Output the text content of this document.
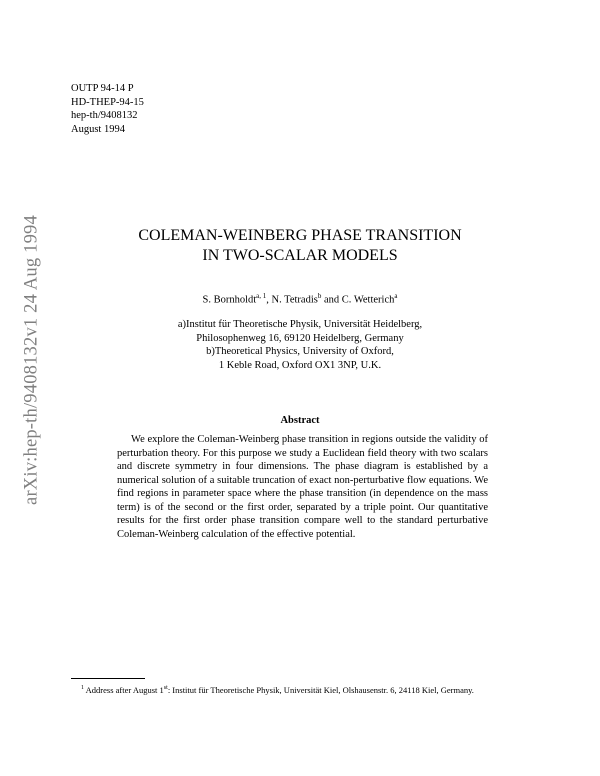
OUTP 94-14 P
HD-THEP-94-15
hep-th/9408132
August 1994
arXiv:hep-th/9408132v1 24 Aug 1994	COLEMAN-WEINBERG PHASE TRANSITION
IN TWO-SCALAR MODELS
S. Bornholdt$^{a, 1}$, N. Tetradis$^b$ and C. Wetterich$^a$
a)Institut für Theoretische Physik, Universität Heidelberg,
Philosophenweg 16, 69120 Heidelberg, Germany
b)Theoretical Physics, University of Oxford,
1 Keble Road, Oxford OX1 3NP, U.K.
Abstract
We explore the Coleman-Weinberg phase transition in regions outside the validity of perturbation theory. For this purpose we study a Euclidean field theory with two scalars and discrete symmetry in four dimensions. The phase diagram is established by a numerical solution of a suitable truncation of exact non-perturbative flow equations. We find regions in parameter space where the phase transition (in dependence on the mass term) is of the second or the first order, separated by a triple point. Our quantitative results for the first order phase transition compare well to the standard perturbative Coleman-Weinberg calculation of the effective potential.
$^1$ Address after August 1st: Institut für Theoretische Physik, Universität Kiel, Olshausenstr. 6, 24118 Kiel, Germany.
